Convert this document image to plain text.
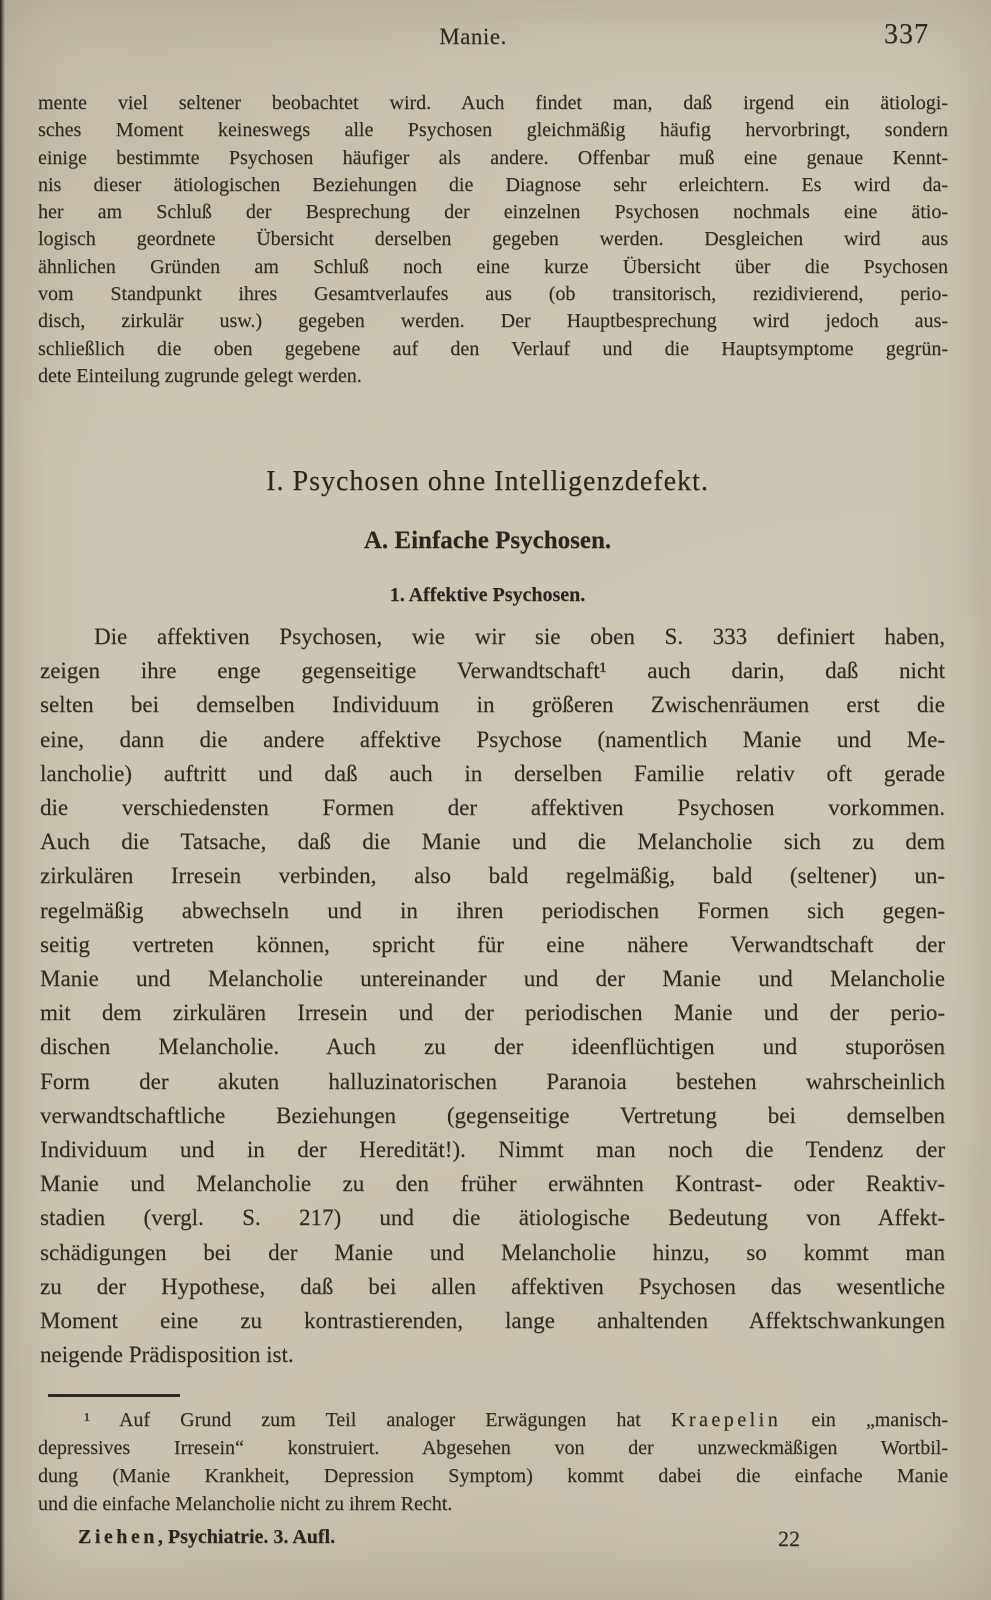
Manie.	337
mente viel seltener beobachtet wird. Auch findet man, daß irgend ein ätiologi-
sches Moment keineswegs alle Psychosen gleichmäßig häufig hervorbringt, sondern
einige bestimmte Psychosen häufiger als andere. Offenbar muß eine genaue Kennt-
nis dieser ätiologischen Beziehungen die Diagnose sehr erleichtern. Es wird da-
her am Schluß der Besprechung der einzelnen Psychosen nochmals eine ätio-
logisch geordnete Übersicht derselben gegeben werden. Desgleichen wird aus
ähnlichen Gründen am Schluß noch eine kurze Übersicht über die Psychosen
vom Standpunkt ihres Gesamtverlaufes aus (ob transitorisch, rezidivierend, perio-
disch, zirkulär usw.) gegeben werden. Der Hauptbesprechung wird jedoch aus-
schließlich die oben gegebene auf den Verlauf und die Hauptsymptome gegrün-
dete Einteilung zugrunde gelegt werden.
I. Psychosen ohne Intelligenzdefekt.
A. Einfache Psychosen.
1. Affektive Psychosen.
Die affektiven Psychosen, wie wir sie oben S. 333 definiert haben,
zeigen ihre enge gegenseitige Verwandtschaft¹ auch darin, daß nicht
selten bei demselben Individuum in größeren Zwischenräumen erst die
eine, dann die andere affektive Psychose (namentlich Manie und Me-
lancholie) auftritt und daß auch in derselben Familie relativ oft gerade
die verschiedensten Formen der affektiven Psychosen vorkommen.
Auch die Tatsache, daß die Manie und die Melancholie sich zu dem
zirkulären Irresein verbinden, also bald regelmäßig, bald (seltener) un-
regelmäßig abwechseln und in ihren periodischen Formen sich gegen-
seitig vertreten können, spricht für eine nähere Verwandtschaft der
Manie und Melancholie untereinander und der Manie und Melancholie
mit dem zirkulären Irresein und der periodischen Manie und der perio-
dischen Melancholie. Auch zu der ideenflüchtigen und stuporösen
Form der akuten halluzinatorischen Paranoia bestehen wahrscheinlich
verwandtschaftliche Beziehungen (gegenseitige Vertretung bei demselben
Individuum und in der Heredität!). Nimmt man noch die Tendenz der
Manie und Melancholie zu den früher erwähnten Kontrast- oder Reaktiv-
stadien (vergl. S. 217) und die ätiologische Bedeutung von Affekt-
schädigungen bei der Manie und Melancholie hinzu, so kommt man
zu der Hypothese, daß bei allen affektiven Psychosen das wesentliche
Moment eine zu kontrastierenden, lange anhaltenden Affektschwankungen
neigende Prädisposition ist.
¹ Auf Grund zum Teil analoger Erwägungen hat Kraepelin ein „manisch-
depressives Irresein“ konstruiert. Abgesehen von der unzweckmäßigen Wortbil-
dung (Manie Krankheit, Depression Symptom) kommt dabei die einfache Manie
und die einfache Melancholie nicht zu ihrem Recht.
Ziehen, Psychiatrie. 3. Aufl.	22
